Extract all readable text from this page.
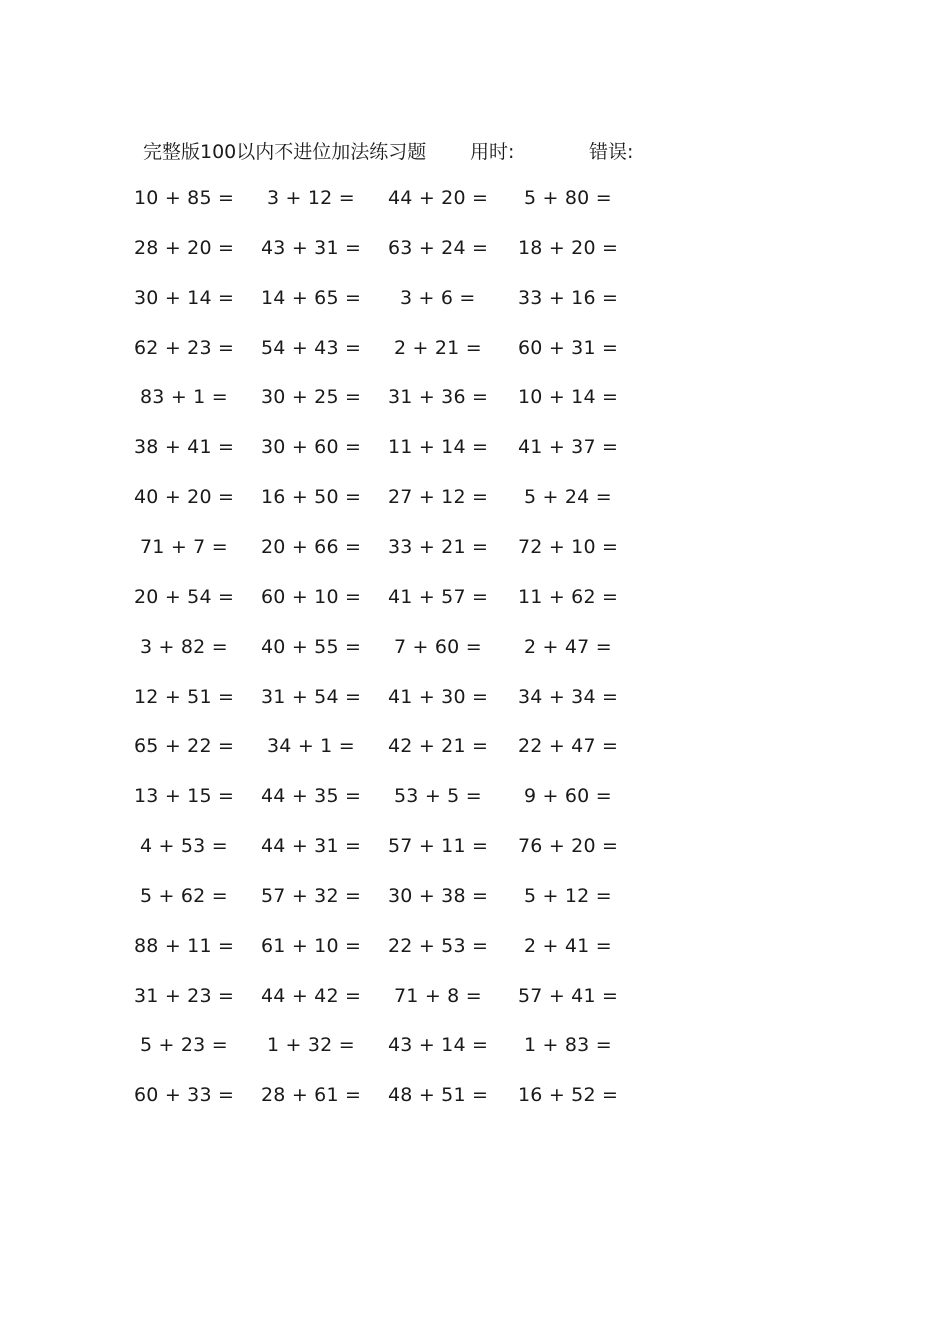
完整版100以内不进位加法练习题 用时:	错误:
10 + 85 = 3 + 12 = 44 + 20 = 5 + 80 =
28 + 20 = 43 + 31 = 63 + 24 = 18 + 20 =
30 + 14 = 14 + 65 = 3 + 6 = 33 + 16 =
62 + 23 = 54 + 43 = 2 + 21 = 60 + 31 =
83 + 1 = 30 + 25 = 31 + 36 = 10 + 14 =
38 + 41 = 30 + 60 = 11 + 14 = 41 + 37 =
40 + 20 = 16 + 50 = 27 + 12 = 5 + 24 =
71 + 7 = 20 + 66 = 33 + 21 = 72 + 10 =
20 + 54 = 60 + 10 = 41 + 57 = 11 + 62 =
3 + 82 = 40 + 55 = 7 + 60 = 2 + 47 =
12 + 51 = 31 + 54 = 41 + 30 = 34 + 34 =
65 + 22 = 34 + 1 = 42 + 21 = 22 + 47 =
13 + 15 = 44 + 35 = 53 + 5 = 9 + 60 =
4 + 53 = 44 + 31 = 57 + 11 = 76 + 20 =
5 + 62 = 57 + 32 = 30 + 38 = 5 + 12 =
88 + 11 = 61 + 10 = 22 + 53 = 2 + 41 =
31 + 23 = 44 + 42 = 71 + 8 = 57 + 41 =
5 + 23 = 1 + 32 = 43 + 14 = 1 + 83 =
60 + 33 = 28 + 61 = 48 + 51 = 16 + 52 =
